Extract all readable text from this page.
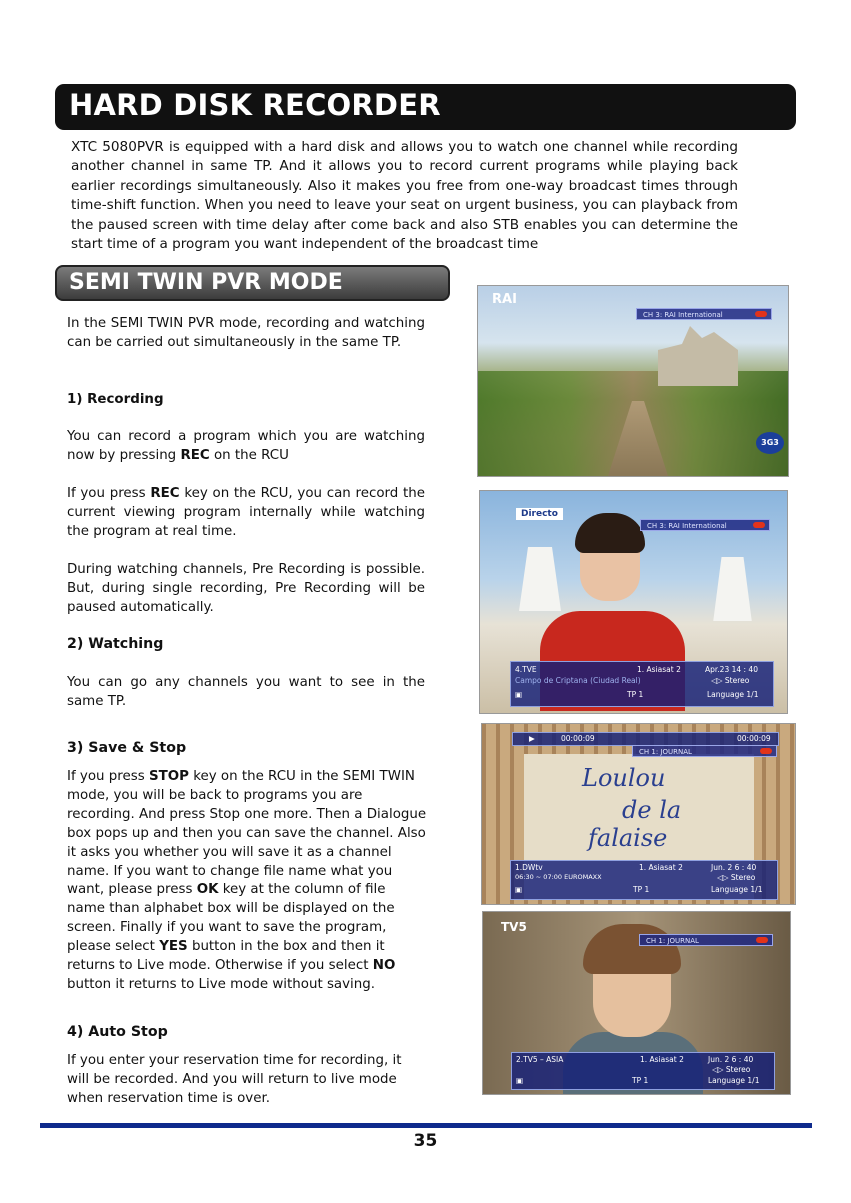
HARD DISK RECORDER
XTC 5080PVR is equipped with a hard disk and allows you to watch one channel while recording another channel in same TP. And it allows you to record current programs while playing back earlier recordings simultaneously. Also it makes you free from one-way broadcast times through time-shift function. When you need to leave your seat on urgent business, you can playback from the paused screen with time delay after come back and also STB enables you can determine the start time of a program you want independent of the broadcast time
SEMI TWIN PVR MODE
In the SEMI TWIN PVR mode, recording and watching can be carried out simultaneously in the same TP.
1) Recording
You can record a program which you are watching now by pressing REC on the RCU
If you press REC key on the RCU, you can record the current viewing program internally while watching the program at real time.
During watching channels, Pre Recording is possible. But, during single recording, Pre Recording will be paused automatically.
2) Watching
You can go any channels you want to see in the same TP.
3) Save & Stop
If you press STOP key on the RCU in the SEMI TWIN mode, you will be back to programs you are recording. And press Stop one more. Then a Dialogue box pops up and then you can save the channel. Also it asks you whether you will save it as a channel name. If you want to change file name what you want, please press OK key at the column of file name than alphabet box will be displayed on the screen. Finally if you want to save the program, please select YES button in the box and then it returns to Live mode. Otherwise if you select NO button it returns to Live mode without saving.
4) Auto Stop
If you enter your reservation time for recording, it will be recorded. And you will return to live mode when reservation time is over.
RAI
CH 3: RAI International
3G3
Directo
CH 3: RAI International
4.TVE	1. Asiasat 2	Apr.23 14 : 40
Campo de Criptana (Ciudad Real)	◁▷ Stereo
▣	TP 1	Language 1/1
Loulou
de la
falaise
▶	00:00:09	00:00:09
CH 1: JOURNAL
1.DWtv	1. Asiasat 2	Jun. 2 6 : 40
06:30 ~ 07:00 EUROMAXX	◁▷ Stereo
▣	TP 1	Language 1/1
TV5
CH 1: JOURNAL
2.TV5 – ASIA	1. Asiasat 2	Jun. 2 6 : 40
◁▷ Stereo
▣	TP 1	Language 1/1
35
